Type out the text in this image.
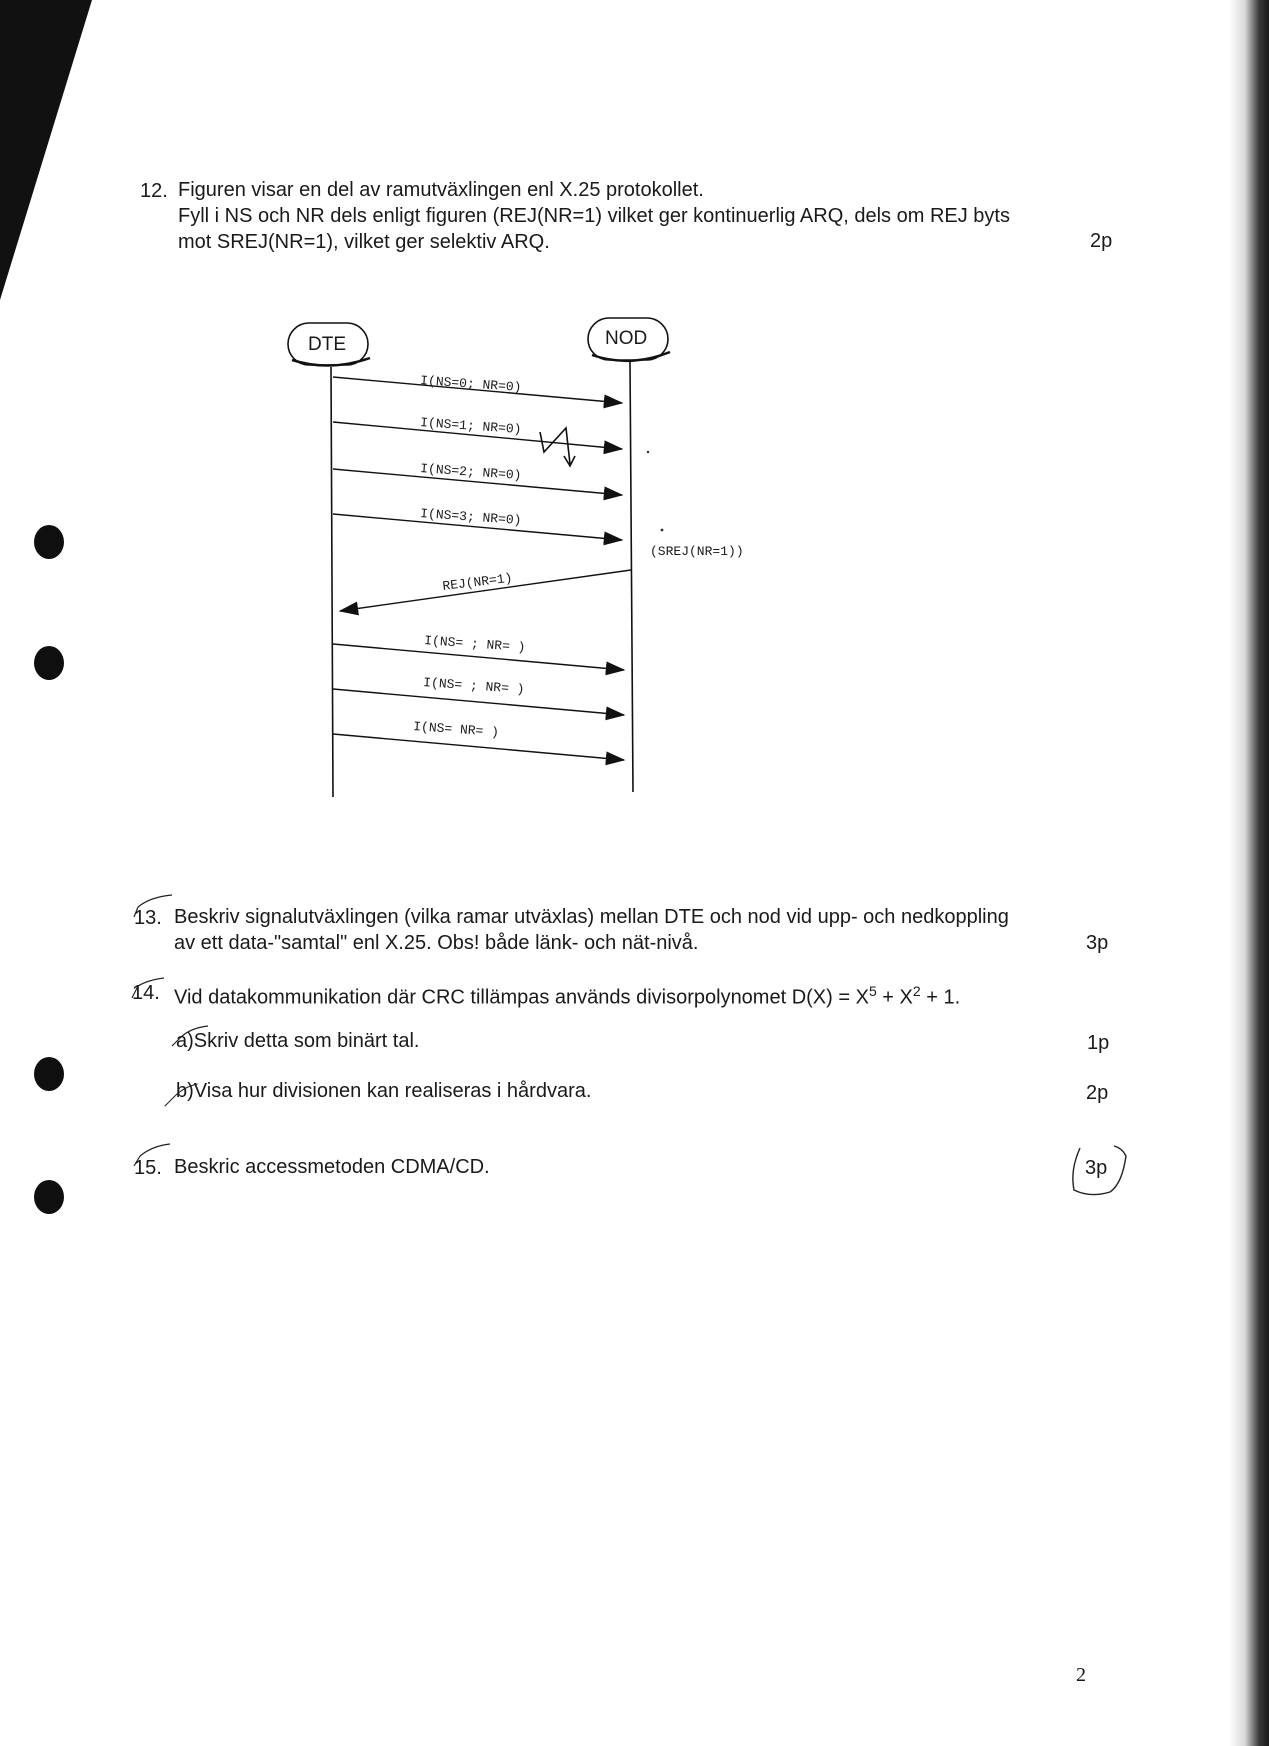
12. Figuren visar en del av ramutväxlingen enl X.25 protokollet.
Fyll i NS och NR dels enligt figuren (REJ(NR=1) vilket ger kontinuerlig ARQ, dels om REJ byts
mot SREJ(NR=1), vilket ger selektiv ARQ.	2p
DTE	NOD
I(NS=0; NR=0)
I(NS=1; NR=0)
I(NS=2; NR=0)
I(NS=3; NR=0)
(SREJ(NR=1))
REJ(NR=1)
I(NS= ; NR= )
I(NS= ; NR= )
I(NS= NR= )
13. Beskriv signalutväxlingen (vilka ramar utväxlas) mellan DTE och nod vid upp- och nedkoppling
av ett data-"samtal" enl X.25. Obs! både länk- och nät-nivå.	3p
14. Vid datakommunikation där CRC tillämpas används divisorpolynomet $D(X) = X^5 + X^2 + 1$.
a)Skriv detta som binärt tal.	1p
b)Visa hur divisionen kan realiseras i hårdvara.	2p
15. Beskric accessmetoden CDMA/CD.	3p
2
